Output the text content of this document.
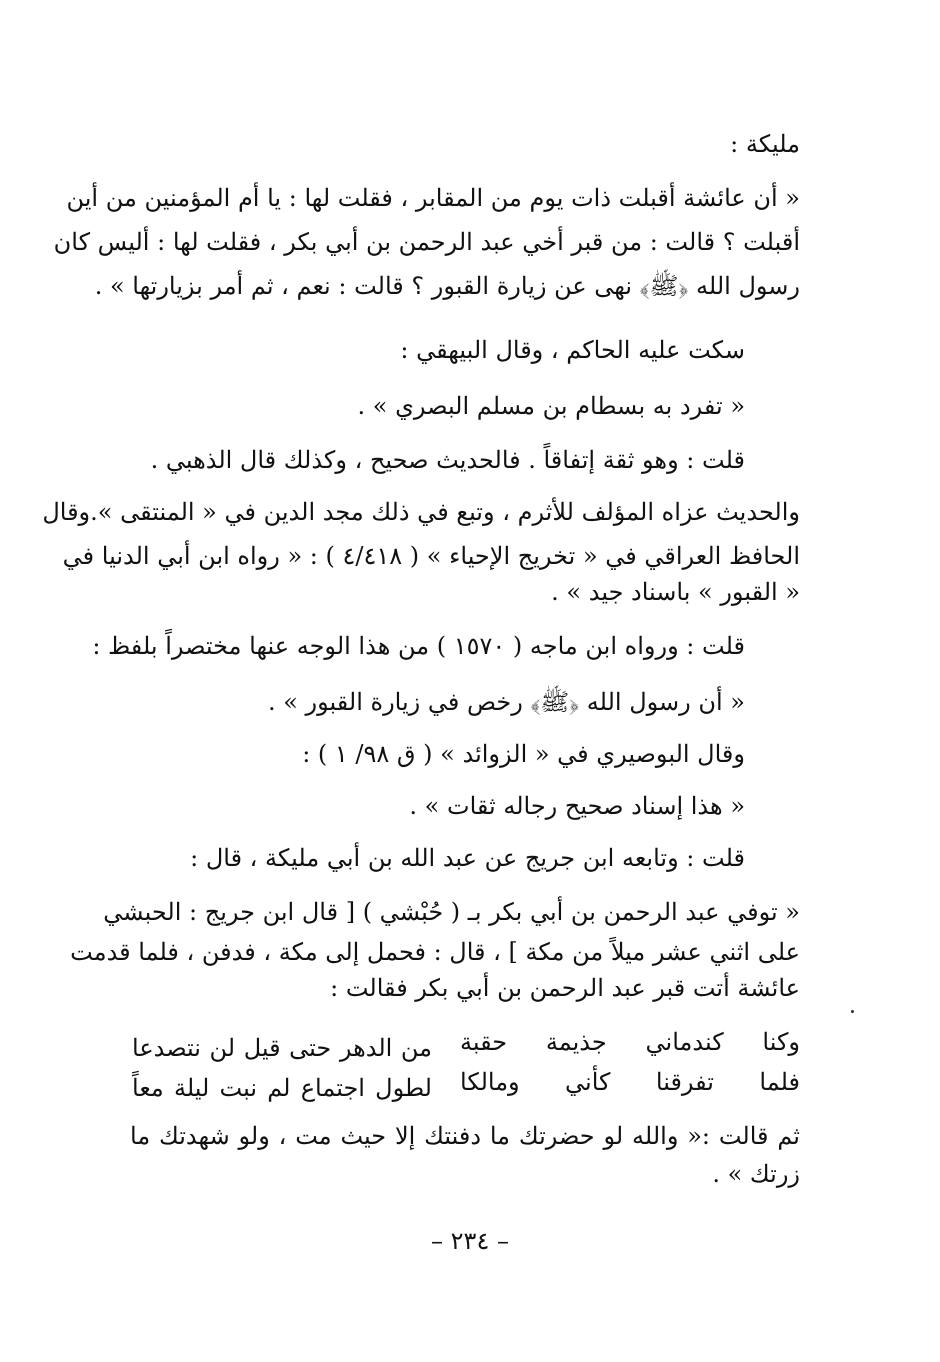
مليكة :
« أن عائشة أقبلت ذات يوم من المقابر ، فقلت لها : يا أم المؤمنين من أين
أقبلت ؟ قالت : من قبر أخي عبد الرحمن بن أبي بكر ، فقلت لها : أليس كان
رسول الله ﴿ﷺ﴾ نهى عن زيارة القبور ؟ قالت : نعم ، ثم أمر بزيارتها » .
سكت عليه الحاكم ، وقال البيهقي :
« تفرد به بسطام بن مسلم البصري » .
قلت : وهو ثقة إتفاقاً . فالحديث صحيح ، وكذلك قال الذهبي .
والحديث عزاه المؤلف للأثرم ، وتبع في ذلك مجد الدين في « المنتقى ».وقال
الحافظ العراقي في « تخريج الإحياء » ( ٤/٤١٨ ) : « رواه ابن أبي الدنيا في
« القبور » باسناد جيد » .
قلت : ورواه ابن ماجه ( ١٥٧٠ ) من هذا الوجه عنها مختصراً بلفظ :
« أن رسول الله ﴿ﷺ﴾ رخص في زيارة القبور » .
وقال البوصيري في « الزوائد » ( ق ٩٨/ ١ ) :
« هذا إسناد صحيح رجاله ثقات » .
قلت : وتابعه ابن جريج عن عبد الله بن أبي مليكة ، قال :
« توفي عبد الرحمن بن أبي بكر بـ ( حُبْشي ) [ قال ابن جريج : الحبشي
على اثني عشر ميلاً من مكة ] ، قال : فحمل إلى مكة ، فدفن ، فلما قدمت
عائشة أتت قبر عبد الرحمن بن أبي بكر فقالت :
وكنا كندماني جذيمة حقبة
من الدهر حتى قيل لن نتصدعا
فلما تفرقنا كأني ومالكا
لطول اجتماع لم نبت ليلة معاً
ثم قالت :« والله لو حضرتك ما دفنتك إلا حيث مت ، ولو شهدتك ما
زرتك » .
– ٢٣٤ –
